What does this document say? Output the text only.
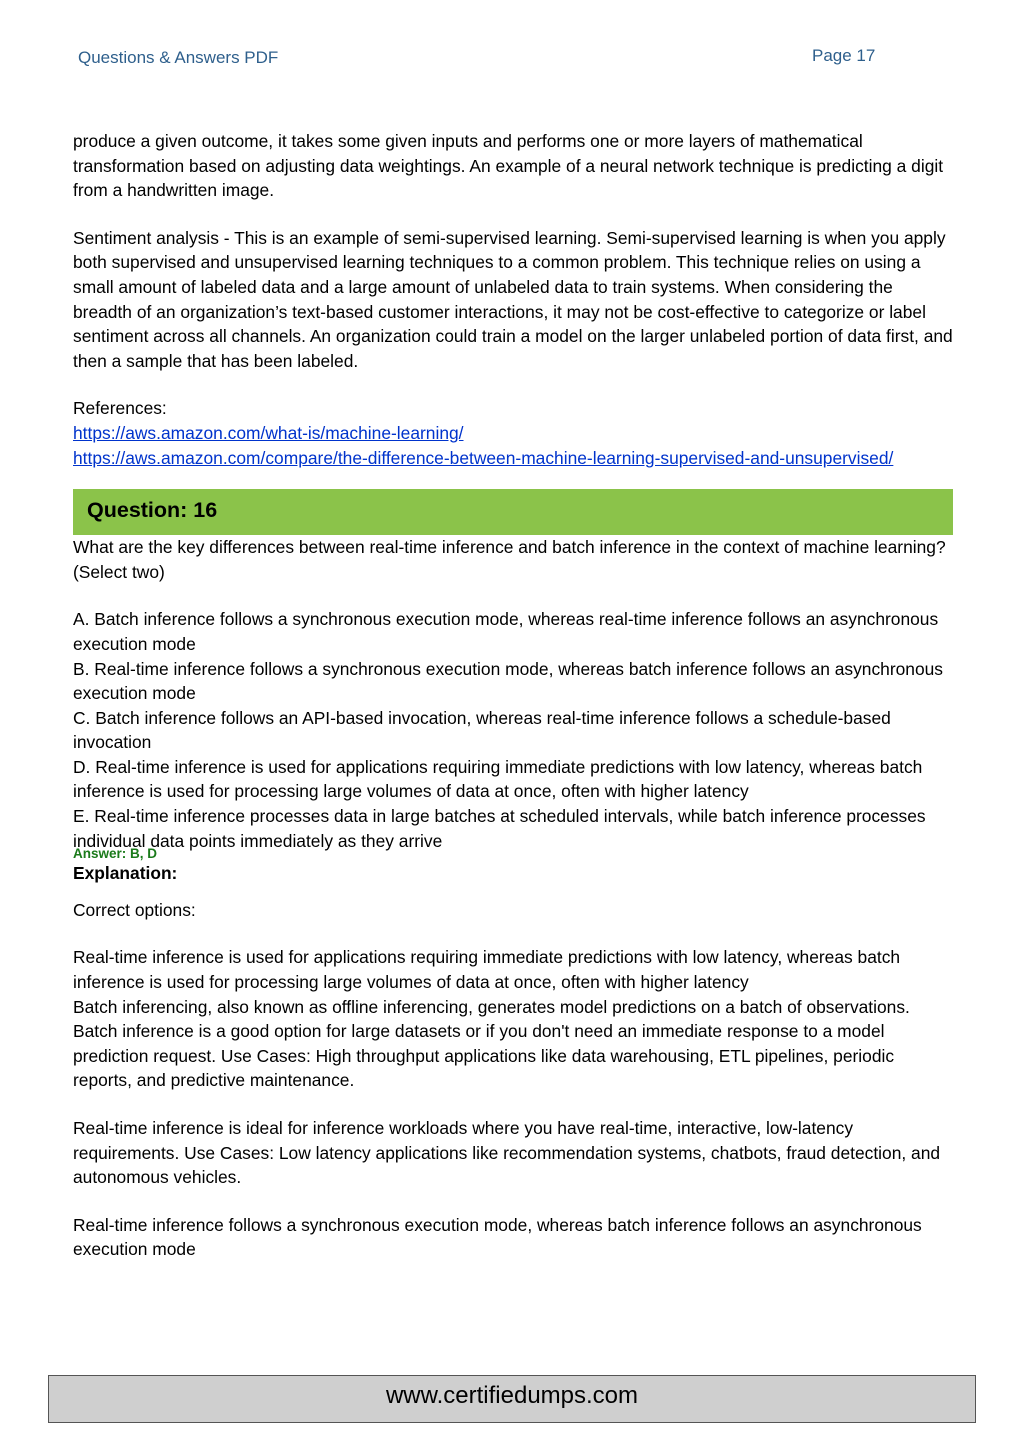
Questions & Answers PDF	Page 17

produce a given outcome, it takes some given inputs and performs one or more layers of mathematical transformation based on adjusting data weightings. An example of a neural network technique is predicting a digit from a handwritten image.

Sentiment analysis - This is an example of semi-supervised learning. Semi-supervised learning is when you apply both supervised and unsupervised learning techniques to a common problem. This technique relies on using a small amount of labeled data and a large amount of unlabeled data to train systems. When considering the breadth of an organization’s text-based customer interactions, it may not be cost-effective to categorize or label sentiment across all channels. An organization could train a model on the larger unlabeled portion of data first, and then a sample that has been labeled.

References:

https://aws.amazon.com/what-is/machine-learning/
https://aws.amazon.com/compare/the-difference-between-machine-learning-supervised-and-unsupervised/
Question: 16

What are the key differences between real-time inference and batch inference in the context of machine learning? (Select two)

A. Batch inference follows a synchronous execution mode, whereas real-time inference follows an asynchronous execution mode

B. Real-time inference follows a synchronous execution mode, whereas batch inference follows an asynchronous execution mode

C. Batch inference follows an API-based invocation, whereas real-time inference follows a schedule-based invocation

D. Real-time inference is used for applications requiring immediate predictions with low latency, whereas batch inference is used for processing large volumes of data at once, often with higher latency

E. Real-time inference processes data in large batches at scheduled intervals, while batch inference processes individual data points immediately as they arrive

Answer: B, D

Explanation:

Correct options:

Real-time inference is used for applications requiring immediate predictions with low latency, whereas batch inference is used for processing large volumes of data at once, often with higher latency

Batch inferencing, also known as offline inferencing, generates model predictions on a batch of observations. Batch inference is a good option for large datasets or if you don't need an immediate response to a model prediction request. Use Cases: High throughput applications like data warehousing, ETL pipelines, periodic reports, and predictive maintenance.

Real-time inference is ideal for inference workloads where you have real-time, interactive, low-latency requirements. Use Cases: Low latency applications like recommendation systems, chatbots, fraud detection, and autonomous vehicles.

Real-time inference follows a synchronous execution mode, whereas batch inference follows an asynchronous execution mode

www.certifiedumps.com
